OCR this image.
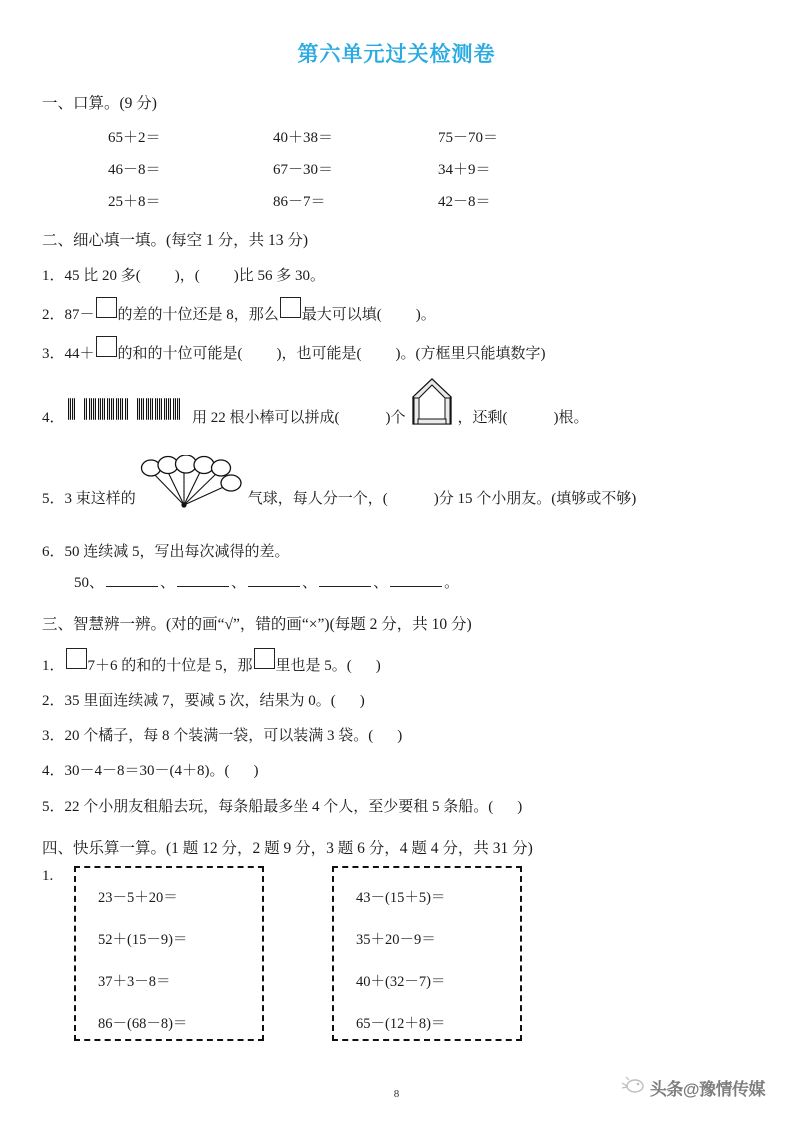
第六单元过关检测卷
一、口算。(9 分)
65＋2＝	40＋38＝	75－70＝
46－8＝	67－30＝	34＋9＝
25＋8＝	86－7＝	42－8＝
二、细心填一填。(每空 1 分，共 13 分)
1．45 比 20 多( )，( )比 56 多 30。
2．87－ 的差的十位还是 8，那么 最大可以填( )。
3．44＋ 的和的十位可能是( )，也可能是( )。(方框里只能填数字)
4．	用 22 根小棒可以拼成(	)个	，还剩(	)根。
5．3 束这样的	气球，每人分一个，(	)分 15 个小朋友。(填够或不够)
6．50 连续减 5，写出每次减得的差。
50、	、	、	、	、	。
三、智慧辨一辨。(对的画“√”，错的画“×”)(每题 2 分，共 10 分)
1． 7＋6 的和的十位是 5，那 里也是 5。( )
2．35 里面连续减 7，要减 5 次，结果为 0。( )
3．20 个橘子，每 8 个装满一袋，可以装满 3 袋。( )
4．30－4－8＝30－(4＋8)。( )
5．22 个小朋友租船去玩，每条船最多坐 4 个人，至少要租 5 条船。( )
四、快乐算一算。(1 题 12 分，2 题 9 分，3 题 6 分，4 题 4 分，共 31 分)
1.
23－5＋20＝
52＋(15－9)＝
37＋3－8＝
86－(68－8)＝
43－(15＋5)＝
35＋20－9＝
40＋(32－7)＝
65－(12＋8)＝
8	头条@豫情传媒
